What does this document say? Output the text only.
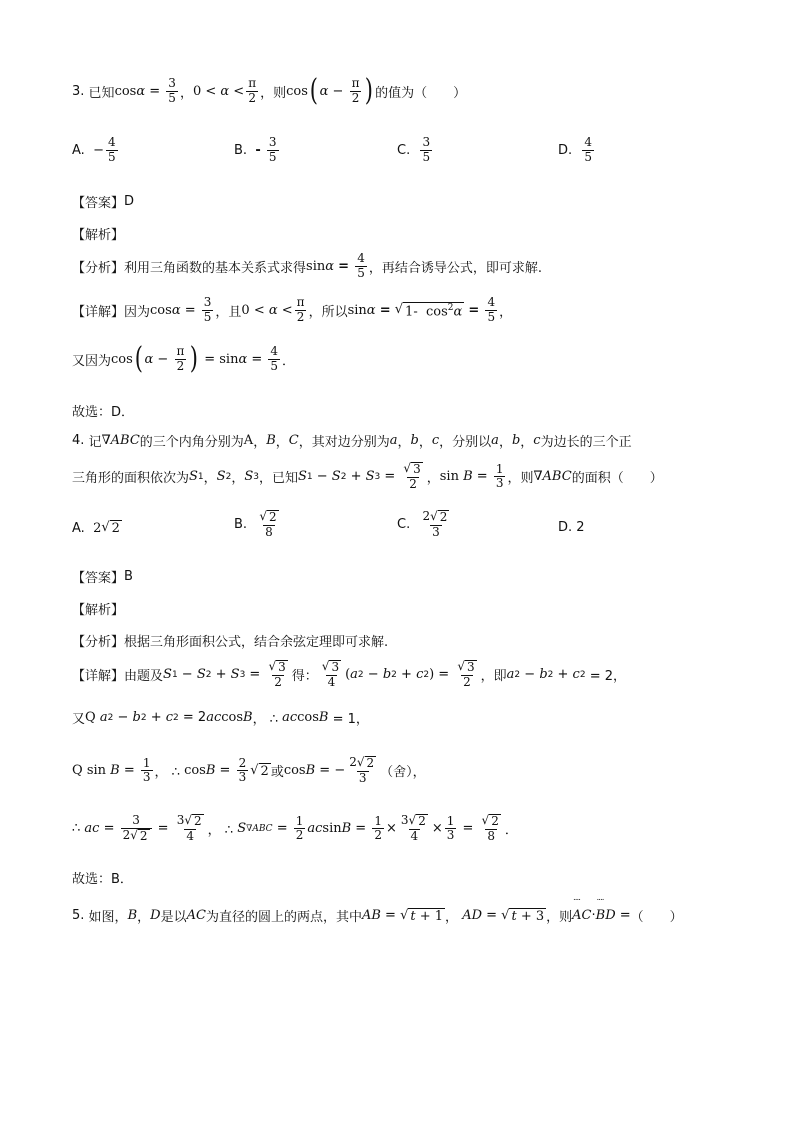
3.
已知 $\cos \alpha = \frac{3}{5}$ ， $0 < \alpha < \frac{\pi}{2}$ ，则 cos ( $\alpha - \frac{\pi}{2}$ ) 的值为（　　）
A.
− $\frac{4}{5}$	B.
-
$\frac{3}{5}$	C.
$\frac{3}{5}$	D.
$\frac{4}{5}$
【答案】 D
【解析】
【分析】 利用三角函数的基本关系式求得 sin α
=
$\frac{4}{5}$ ，再结合诱导公式，即可求解.
【详解】 因为 $\cos \alpha = \frac{3}{5}$ ，且 $0 < \alpha < \frac{\pi}{2}$ ，所以 sin α
=
√ 1-  $\cos^2\alpha$
=
$\frac{4}{5}$ ，
又因为 cos ( $\alpha - \frac{\pi}{2}$ ) = $\sin \alpha = \frac{4}{5}$ ．
故选：D．
4.
记 ∇ABC 的三个内角分别为 A ， B ， C ，其对边分别为 a ， b ， c ，分别以 a ， b ， c 为边长的三个正
三角形的面积依次为 S 1 ， S 2 ， S 3 ，已知 S 1 − S 2 + S $3 = \frac{√ 3}{2}$ ， sin
$B = \frac{1}{3}$ ，则 ∇ABC 的面积（　　）
A.
2 √ 2	B.
$\frac{√ 2}{8}$	C.
$\frac{2√ 2}{3}$	D.
2
【答案】 B
【解析】
【分析】 根据三角形面积公式，结合余弦定理即可求解.
【详解】 由题及 S 1 − S 2 + S $3 = \frac{√ 3}{2}$ 得： $\frac{√ 3}{4}$ ( a 2 − b 2 + c 2 ) = $\frac{√ 3}{2}$ ，即 a 2 − b 2 + c 2 = 2，
又 Q
a 2 − b 2 + c 2 = 2 ac cos B ， ∴ ac cos B = 1，
Q
sin
$B = \frac{1}{3}$ ， ∴ $\cos B = \frac{2}{3}$ √ 2 或 cos B = − $\frac{2√ 2}{3}$ （舍），
∴ ac = $\frac{3}{2√ 2} = \frac{3√ 2}{4}$ ， ∴ S $\nabla ABC = \frac{1}{2}$ ac $\sin B = \frac{1}{2} \times \frac{3√ 2}{4} \times \frac{1}{3} = \frac{√ 2}{8}$ ．
故选：B．
5.
如图， B ， D 是以 AC 为直径的圆上的两点，其中 AB = √ t + 1 ， AD = √ t + 3 ，则 ¨¨ AC · ¨¨ BD = （　　）
